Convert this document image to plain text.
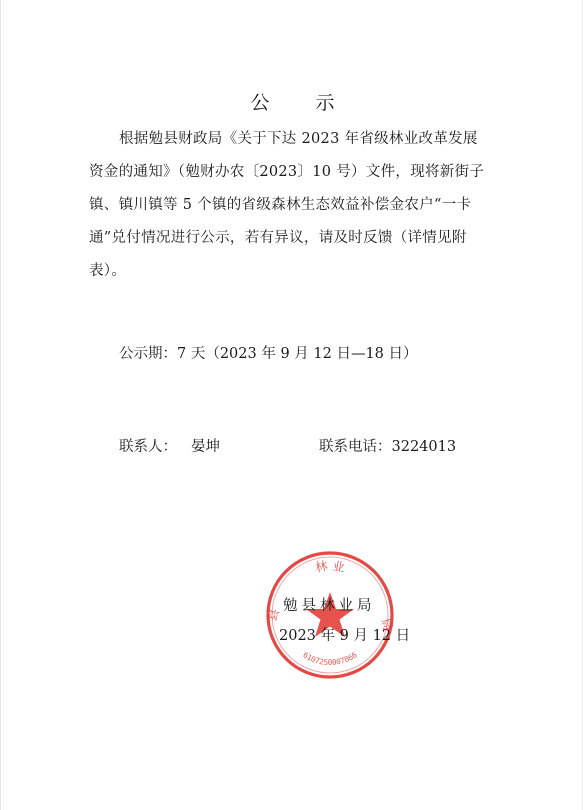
公 示
根据勉县财政局《关于下达 2023 年省级林业改革发展
资金的通知》（勉财办农〔2023〕10 号）文件，现将新街子
镇、镇川镇等 5 个镇的省级森林生态效益补偿金农户“一卡
通”兑付情况进行公示，若有异议，请及时反馈（详情见附
表）。
公示期：7 天（2023 年 9 月 12 日—18 日）
联系人： 晏坤	联系电话：3224013
林 业
县
局
6107250007866
勉县林业局
2023 年 9 月 12 日
